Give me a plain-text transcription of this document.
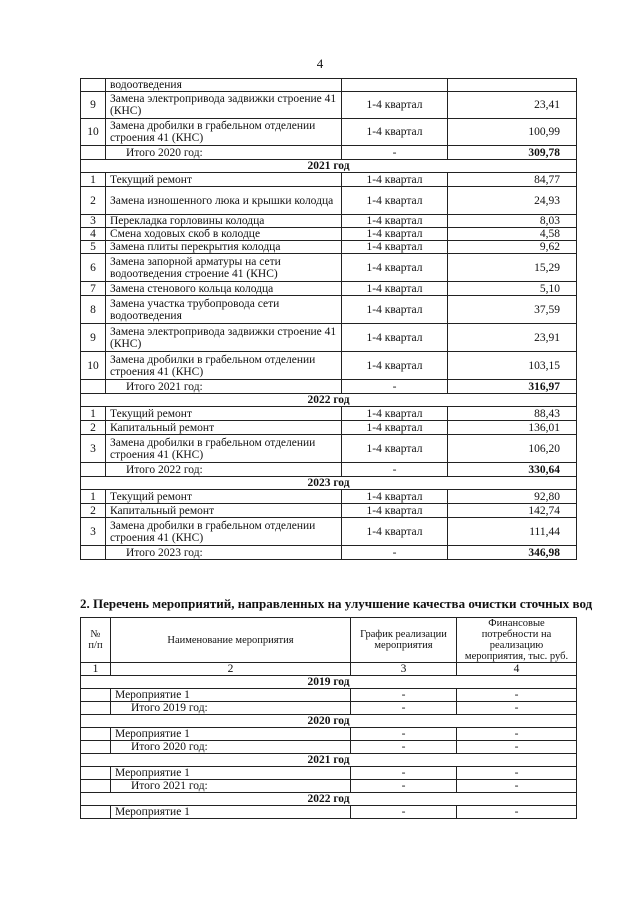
4
	водоотведения		
9	Замена электропривода задвижки строение 41 (КНС)	1-4 квартал	23,41
10	Замена дробилки в грабельном отделении строения 41 (КНС)	1-4 квартал	100,99
	Итого 2020 год:	-	309,78
2021 год			
1	Текущий ремонт	1-4 квартал	84,77
2	Замена изношенного люка и крышки колодца	1-4 квартал	24,93
3	Перекладка горловины колодца	1-4 квартал	8,03
4	Смена ходовых скоб в колодце	1-4 квартал	4,58
5	Замена плиты перекрытия колодца	1-4 квартал	9,62
6	Замена запорной арматуры на сети водоотведения строение 41 (КНС)	1-4 квартал	15,29
7	Замена стенового кольца колодца	1-4 квартал	5,10
8	Замена участка трубопровода сети водоотведения	1-4 квартал	37,59
9	Замена электропривода задвижки строение 41 (КНС)	1-4 квартал	23,91
10	Замена дробилки в грабельном отделении строения 41 (КНС)	1-4 квартал	103,15
	Итого 2021 год:	-	316,97
2022 год			
1	Текущий ремонт	1-4 квартал	88,43
2	Капитальный ремонт	1-4 квартал	136,01
3	Замена дробилки в грабельном отделении строения 41 (КНС)	1-4 квартал	106,20
	Итого 2022 год:	-	330,64
2023 год			
1	Текущий ремонт	1-4 квартал	92,80
2	Капитальный ремонт	1-4 квартал	142,74
3	Замена дробилки в грабельном отделении строения 41 (КНС)	1-4 квартал	111,44
	Итого 2023 год:	-	346,98
2. Перечень мероприятий, направленных на улучшение качества очистки сточных вод
№ п/п	Наименование мероприятия	График реализации мероприятия	Финансовые потребности на реализацию мероприятия, тыс. руб.
1	2	3	4
2019 год			
	Мероприятие 1	-	-
	Итого 2019 год:	-	-
2020 год			
	Мероприятие 1	-	-
	Итого 2020 год:	-	-
2021 год			
	Мероприятие 1	-	-
	Итого 2021 год:	-	-
2022 год			
	Мероприятие 1	-	-
